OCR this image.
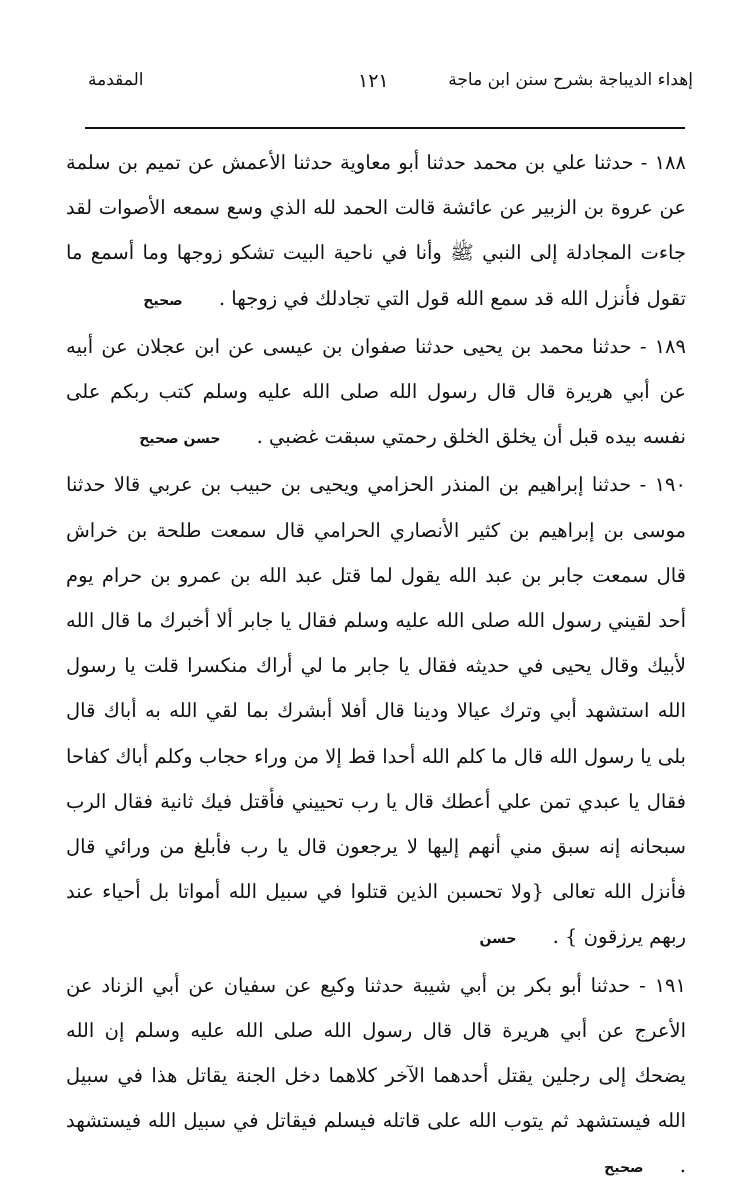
إهداء الديباجة بشرح سنن ابن ماجة
١٢١
المقدمة

١٨٨ - حدثنا علي بن محمد حدثنا أبو معاوية حدثنا الأعمش عن تميم بن سلمة عن عروة بن الزبير عن عائشة قالت الحمد لله الذي وسع سمعه الأصوات لقد جاءت المجادلة إلى النبي ﷺ وأنا في ناحية البيت تشكو زوجها وما أسمع ما تقول فأنزل الله قد سمع الله قول التي تجادلك في زوجها . صحيح

١٨٩ - حدثنا محمد بن يحيى حدثنا صفوان بن عيسى عن ابن عجلان عن أبيه عن أبي هريرة قال قال رسول الله صلى الله عليه وسلم كتب ربكم على نفسه بيده قبل أن يخلق الخلق رحمتي سبقت غضبي . حسن صحيح

١٩٠ - حدثنا إبراهيم بن المنذر الحزامي ويحيى بن حبيب بن عربي قالا حدثنا موسى بن إبراهيم بن كثير الأنصاري الحرامي قال سمعت طلحة بن خراش قال سمعت جابر بن عبد الله يقول لما قتل عبد الله بن عمرو بن حرام يوم أحد لقيني رسول الله صلى الله عليه وسلم فقال يا جابر ألا أخبرك ما قال الله لأبيك وقال يحيى في حديثه فقال يا جابر ما لي أراك منكسرا قلت يا رسول الله استشهد أبي وترك عيالا ودينا قال أفلا أبشرك بما لقي الله به أباك قال بلى يا رسول الله قال ما كلم الله أحدا قط إلا من وراء حجاب وكلم أباك كفاحا فقال يا عبدي تمن علي أعطك قال يا رب تحييني فأقتل فيك ثانية فقال الرب سبحانه إنه سبق مني أنهم إليها لا يرجعون قال يا رب فأبلغ من ورائي قال فأنزل الله تعالى {ولا تحسبن الذين قتلوا في سبيل الله أمواتا بل أحياء عند ربهم يرزقون } . حسن

١٩١ - حدثنا أبو بكر بن أبي شيبة حدثنا وكيع عن سفيان عن أبي الزناد عن الأعرج عن أبي هريرة قال قال رسول الله صلى الله عليه وسلم إن الله يضحك إلى رجلين يقتل أحدهما الآخر كلاهما دخل الجنة يقاتل هذا في سبيل الله فيستشهد ثم يتوب الله على قاتله فيسلم فيقاتل في سبيل الله فيستشهد . صحيح
